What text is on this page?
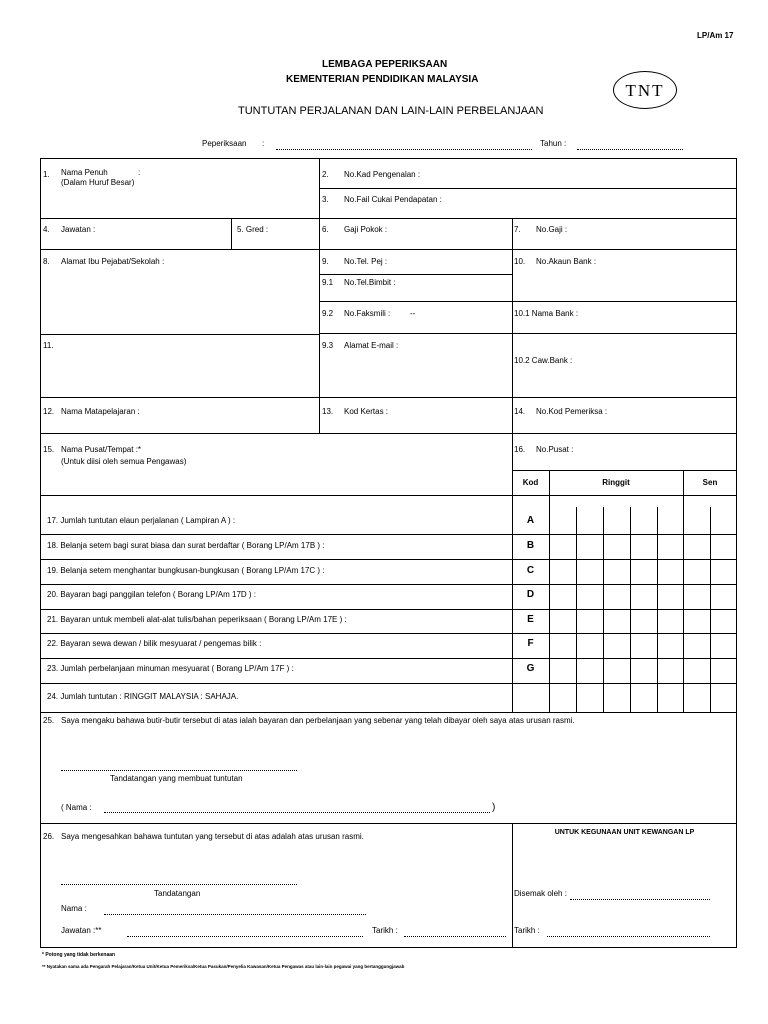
LP/Am 17
LEMBAGA PEPERIKSAAN
KEMENTERIAN PENDIDIKAN MALAYSIA
TUNTUTAN PERJALANAN DAN LAIN-LAIN PERBELANJAAN
TNT
Peperiksaan :	Tahun :
1. Nama Penuh	:
(Dalam Huruf Besar)
2. No.Kad Pengenalan :
3. No.Fail Cukai Pendapatan :
4. Jawatan :	5. Gred :	6. Gaji Pokok :	7. No.Gaji :
8. Alamat Ibu Pejabat/Sekolah :	9. No.Tel. Pej :
9.1 No.Tel.Bimbit :
9.2 No.Faksmili : --
9.3 Alamat E-mail :
10. No.Akaun Bank :
10.1 Nama Bank :
10.2 Caw.Bank :
11.
12. Nama Matapelajaran :	13. Kod Kertas :	14. No.Kod Pemeriksa :
15. Nama Pusat/Tempat :*
(Untuk diisi oleh semua Pengawas)
16. No.Pusat :
Kod	Ringgit	Sen
17. Jumlah tuntutan elaun perjalanan ( Lampiran A ) :	A
18. Belanja setem bagi surat biasa dan surat berdaftar ( Borang LP/Am 17B ) :	B
19. Belanja setem menghantar bungkusan-bungkusan ( Borang LP/Am 17C ) :	C
20. Bayaran bagi panggilan telefon ( Borang LP/Am 17D ) :	D
21. Bayaran untuk membeli alat-alat tulis/bahan peperiksaan ( Borang LP/Am 17E ) :	E
22. Bayaran sewa dewan / bilik mesyuarat / pengemas bilik :	F
23. Jumlah perbelanjaan minuman mesyuarat ( Borang LP/Am 17F ) :	G
24. Jumlah tuntutan : RINGGIT MALAYSIA : SAHAJA.
25. Saya mengaku bahawa butir-butir tersebut di atas ialah bayaran dan perbelanjaan yang sebenar yang telah dibayar oleh saya atas urusan rasmi.
Tandatangan yang membuat tuntutan
( Nama :	)
26. Saya mengesahkan bahawa tuntutan yang tersebut di atas adalah atas urusan rasmi.
Tandatangan
Nama :
Jawatan :**	Tarikh :
UNTUK KEGUNAAN UNIT KEWANGAN LP
Disemak oleh :
Tarikh :
* Potong yang tidak berkenaan
** Nyatakan sama ada Pengarah Pelajaran/Ketua Unit/Ketua Pemeriksa/Ketua Pasukan/Penyelia Kawasan/Ketua Pengawas atau lain-lain pegawai yang bertanggungjawab
